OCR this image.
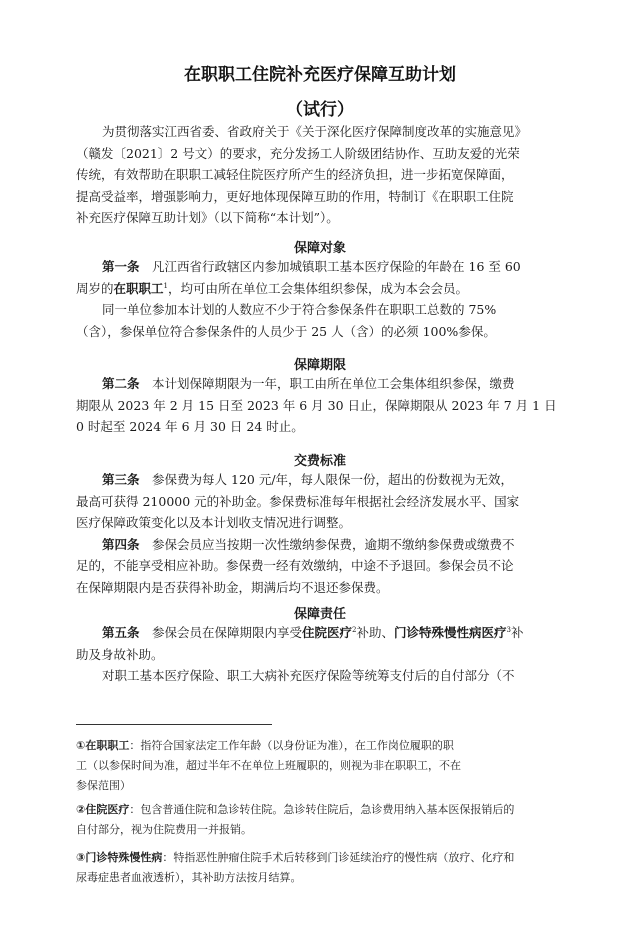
在职职工住院补充医疗保障互助计划
（试行）
为贯彻落实江西省委、省政府关于《关于深化医疗保障制度改革的实施意见》
（赣发〔2021〕2 号文）的要求，充分发扬工人阶级团结协作、互助友爱的光荣
传统，有效帮助在职职工减轻住院医疗所产生的经济负担，进一步拓宽保障面，
提高受益率，增强影响力，更好地体现保障互助的作用，特制订《在职职工住院
补充医疗保障互助计划》（以下简称“本计划”）。
保障对象
第一条　凡江西省行政辖区内参加城镇职工基本医疗保险的年龄在 16 至 60
周岁的在职职工$^1$，均可由所在单位工会集体组织参保，成为本会会员。
同一单位参加本计划的人数应不少于符合参保条件在职职工总数的 75%
（含），参保单位符合参保条件的人员少于 25 人（含）的必须 100%参保。
保障期限
第二条　本计划保障期限为一年，职工由所在单位工会集体组织参保，缴费
期限从 2023 年 2 月 15 日至 2023 年 6 月 30 日止，保障期限从 2023 年 7 月 1 日
0 时起至 2024 年 6 月 30 日 24 时止。
交费标准
第三条　参保费为每人 120 元/年，每人限保一份，超出的份数视为无效，
最高可获得 210000 元的补助金。参保费标准每年根据社会经济发展水平、国家
医疗保障政策变化以及本计划收支情况进行调整。
第四条　参保会员应当按期一次性缴纳参保费，逾期不缴纳参保费或缴费不
足的，不能享受相应补助。参保费一经有效缴纳，中途不予退回。参保会员不论
在保障期限内是否获得补助金，期满后均不退还参保费。
保障责任
第五条　参保会员在保障期限内享受住院医疗$^2$补助、门诊特殊慢性病医疗$^3$补
助及身故补助。
对职工基本医疗保险、职工大病补充医疗保险等统筹支付后的自付部分（不
①在职职工：指符合国家法定工作年龄（以身份证为准），在工作岗位履职的职
工（以参保时间为准，超过半年不在单位上班履职的，则视为非在职职工，不在
参保范围）
②住院医疗：包含普通住院和急诊转住院。急诊转住院后，急诊费用纳入基本医保报销后的
自付部分，视为住院费用一并报销。
③门诊特殊慢性病：特指恶性肿瘤住院手术后转移到门诊延续治疗的慢性病（放疗、化疗和
尿毒症患者血液透析），其补助方法按月结算。
